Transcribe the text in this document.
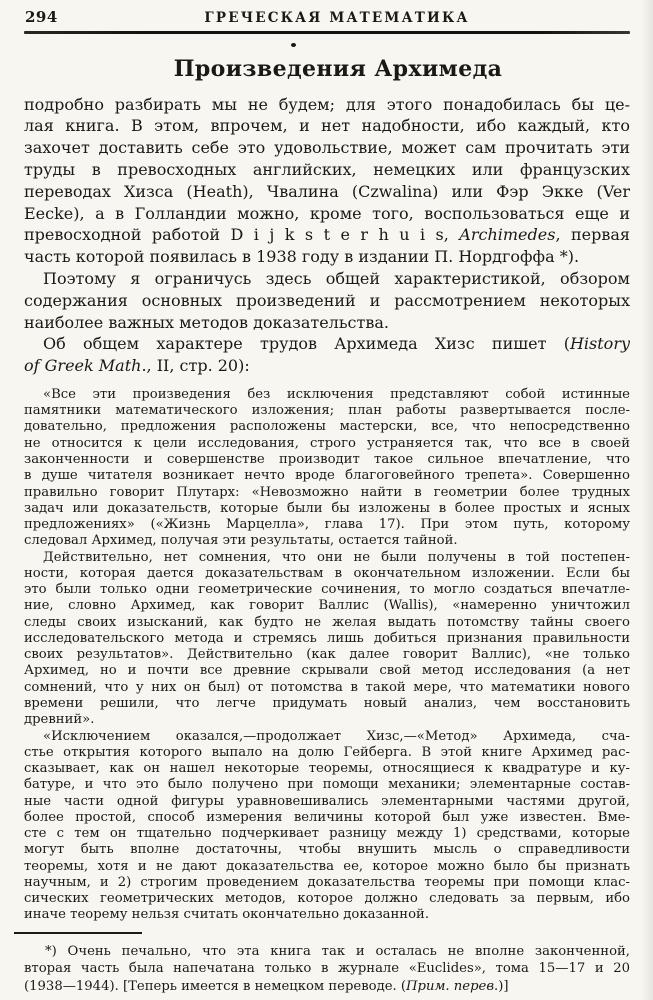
294	ГРЕЧЕСКАЯ МАТЕМАТИКА
Произведения Архимеда
подробно разбирать мы не будем; для этого понадобилась бы це-
лая книга. В этом, впрочем, и нет надобности, ибо каждый, кто
захочет доставить себе это удовольствие, может сам прочитать эти
труды в превосходных английских, немецких или французских
переводах Хизса (Heath), Чвалина (Czwalina) или Фэр Экке (Ver
Eecke), а в Голландии можно, кроме того, воспользоваться еще и
превосходной работой D i j k s t e r h u i s, Archimedes, первая
часть которой появилась в 1938 году в издании П. Нордгоффа *).
Поэтому я ограничусь здесь общей характеристикой, обзором
содержания основных произведений и рассмотрением некоторых
наиболее важных методов доказательства.
Об общем характере трудов Архимеда Хизс пишет (History
of Greek Math., II, стр. 20):
«Все эти произведения без исключения представляют собой истинные
памятники математического изложения; план работы развертывается после-
довательно, предложения расположены мастерски, все, что непосредственно
не относится к цели исследования, строго устраняется так, что все в своей
законченности и совершенстве производит такое сильное впечатление, что
в душе читателя возникает нечто вроде благоговейного трепета». Совершенно
правильно говорит Плутарх: «Невозможно найти в геометрии более трудных
задач или доказательств, которые были бы изложены в более простых и ясных
предложениях» («Жизнь Марцелла», глава 17). При этом путь, которому
следовал Архимед, получая эти результаты, остается тайной.
Действительно, нет сомнения, что они не были получены в той постепен-
ности, которая дается доказательствам в окончательном изложении. Если бы
это были только одни геометрические сочинения, то могло создаться впечатле-
ние, словно Архимед, как говорит Валлис (Wallis), «намеренно уничтожил
следы своих изысканий, как будто не желая выдать потомству тайны своего
исследовательского метода и стремясь лишь добиться признания правильности
своих результатов». Действительно (как далее говорит Валлис), «не только
Архимед, но и почти все древние скрывали свой метод исследования (а нет
сомнений, что у них он был) от потомства в такой мере, что математики нового
времени решили, что легче придумать новый анализ, чем восстановить
древний».
«Исключением оказался,—продолжает Хизс,—«Метод» Архимеда, сча-
стье открытия которого выпало на долю Гейберга. В этой книге Архимед рас-
сказывает, как он нашел некоторые теоремы, относящиеся к квадратуре и ку-
батуре, и что это было получено при помощи механики; элементарные состав-
ные части одной фигуры уравновешивались элементарными частями другой,
более простой, способ измерения величины которой был уже известен. Вме-
сте с тем он тщательно подчеркивает разницу между 1) средствами, которые
могут быть вполне достаточны, чтобы внушить мысль о справедливости
теоремы, хотя и не дают доказательства ее, которое можно было бы признать
научным, и 2) строгим проведением доказательства теоремы при помощи клас-
сических геометрических методов, которое должно следовать за первым, ибо
иначе теорему нельзя считать окончательно доказанной.
*) Очень печально, что эта книга так и осталась не вполне законченной,
вторая часть была напечатана только в журнале «Euclides», тома 15—17 и 20
(1938—1944). [Теперь имеется в немецком переводе. (Прим. перев.)]
